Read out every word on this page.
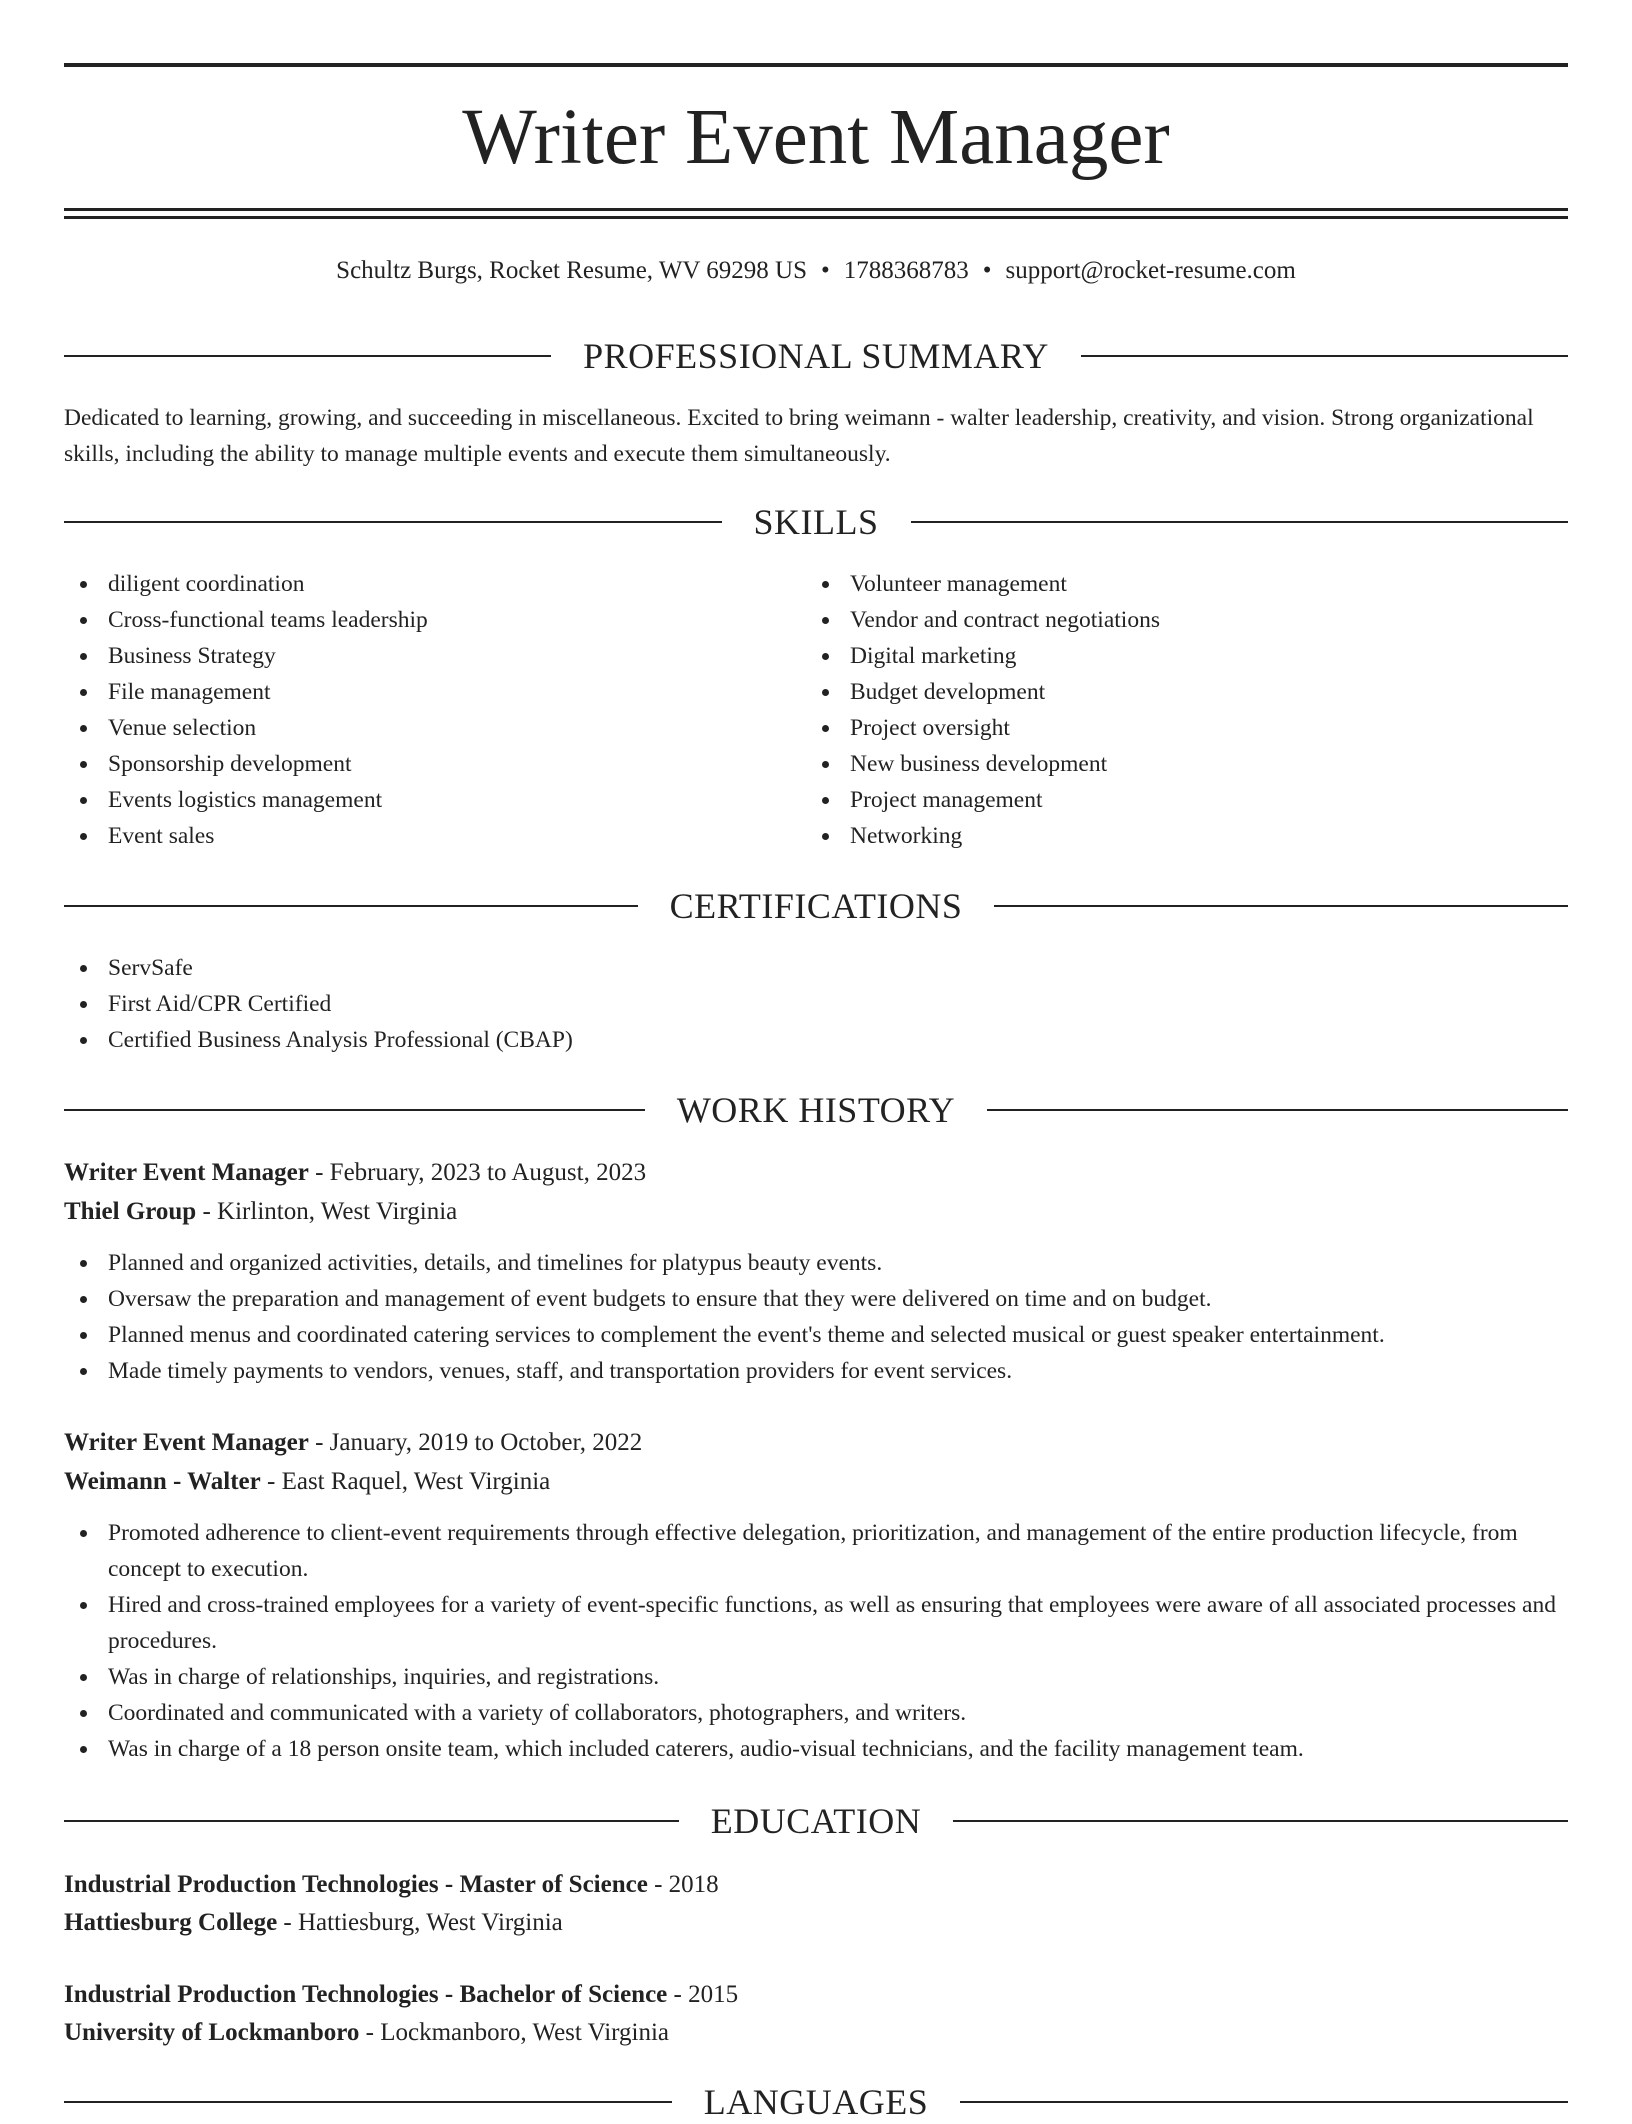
Writer Event Manager
Schultz Burgs, Rocket Resume, WV 69298 US • 1788368783 • support@rocket-resume.com
PROFESSIONAL SUMMARY

Dedicated to learning, growing, and succeeding in miscellaneous. Excited to bring weimann - walter leadership, creativity, and vision. Strong organizational skills, including the ability to manage multiple events and execute them simultaneously.

SKILLS
diligent coordination
Cross-functional teams leadership
Business Strategy
File management
Venue selection
Sponsorship development
Events logistics management
Event sales
Volunteer management
Vendor and contract negotiations
Digital marketing
Budget development
Project oversight
New business development
Project management
Networking
CERTIFICATIONS
ServSafe
First Aid/CPR Certified
Certified Business Analysis Professional (CBAP)
WORK HISTORY
Writer Event Manager - February, 2023 to August, 2023
Thiel Group - Kirlinton, West Virginia
Planned and organized activities, details, and timelines for platypus beauty events.
Oversaw the preparation and management of event budgets to ensure that they were delivered on time and on budget.
Planned menus and coordinated catering services to complement the event's theme and selected musical or guest speaker entertainment.
Made timely payments to vendors, venues, staff, and transportation providers for event services.
Writer Event Manager - January, 2019 to October, 2022
Weimann - Walter - East Raquel, West Virginia
Promoted adherence to client-event requirements through effective delegation, prioritization, and management of the entire production lifecycle, from concept to execution.
Hired and cross-trained employees for a variety of event-specific functions, as well as ensuring that employees were aware of all associated processes and procedures.
Was in charge of relationships, inquiries, and registrations.
Coordinated and communicated with a variety of collaborators, photographers, and writers.
Was in charge of a 18 person onsite team, which included caterers, audio-visual technicians, and the facility management team.
EDUCATION
Industrial Production Technologies - Master of Science - 2018
Hattiesburg College - Hattiesburg, West Virginia
Industrial Production Technologies - Bachelor of Science - 2015
University of Lockmanboro - Lockmanboro, West Virginia
LANGUAGES
